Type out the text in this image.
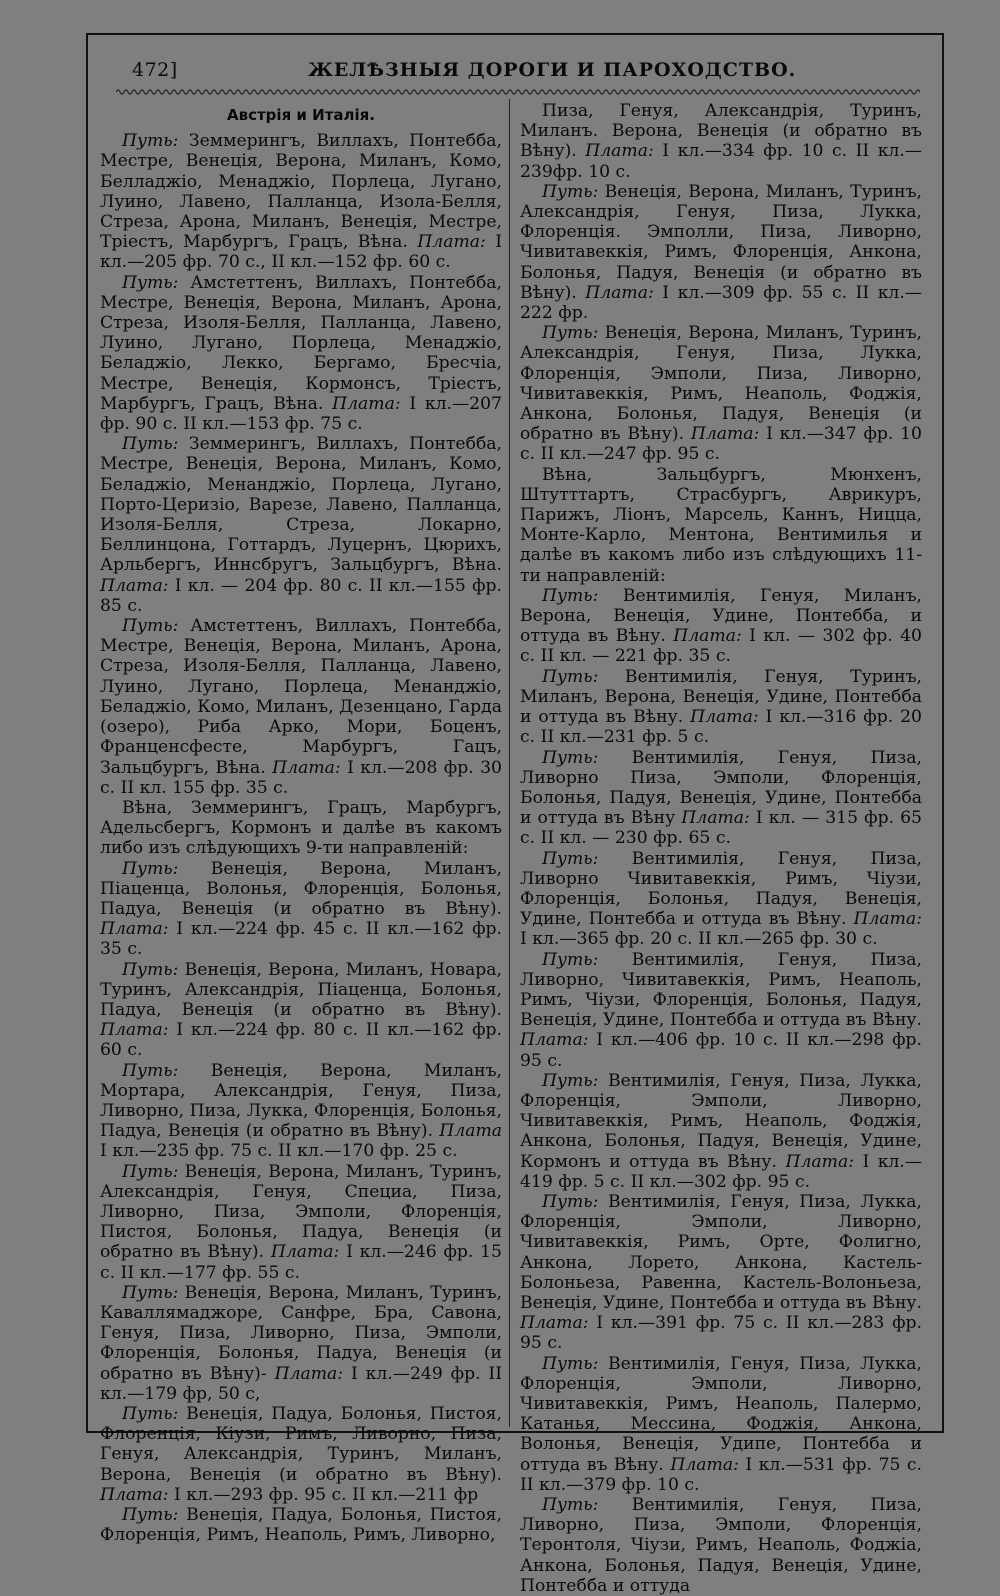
472]	ЖЕЛѢЗНЫЯ ДОРОГИ И ПАРОХОДСТВО.
Австрія и Италія.

Путь: Земмерингъ, Виллахъ, Понтебба, Местре, Венеція, Верона, Миланъ, Комо, Белладжіо, Менаджіо, Порлеца, Лугано, Луино, Лавено, Палланца, Изола-Белля, Стреза, Арона, Миланъ, Венеція, Местре, Тріестъ, Марбургъ, Грацъ, Вѣна. Плата: I кл.—205 фр. 70 с., II кл.—152 фр. 60 с.

Путь: Амстеттенъ, Виллахъ, Понтебба, Местре, Венеція, Верона, Миланъ, Арона, Стреза, Изоля-Белля, Палланца, Лавено, Луино, Лугано, Порлеца, Менаджіо, Беладжіо, Лекко, Бергамо, Бресчіа, Местре, Венеція, Кормонсъ, Тріестъ, Марбургъ, Грацъ, Вѣна. Плата: I кл.—207 фр. 90 с. II кл.—153 фр. 75 с.

Путь: Земмерингъ, Виллахъ, Понтебба, Местре, Венеція, Верона, Миланъ, Комо, Беладжіо, Менанджіо, Порлеца, Лугано, Порто-Церизіо, Варезе, Лавено, Палланца, Изоля-Белля, Стреза, Локарно, Беллинцона, Готтардъ, Луцернъ, Цюрихъ, Арльбергъ, Иннсбругъ, Зальцбургъ, Вѣна. Плата: I кл. — 204 фр. 80 с. II кл.—155 фр. 85 с.

Путь: Амстеттенъ, Виллахъ, Понтебба, Местре, Венеція, Верона, Миланъ, Арона, Стреза, Изоля-Белля, Палланца, Лавено, Луино, Лугано, Порлеца, Менанджіо, Беладжіо, Комо, Миланъ, Дезенцано, Гарда (озеро), Риба Арко, Мори, Боценъ, Франценсфесте, Марбургъ, Гацъ, Зальцбургъ, Вѣна. Плата: I кл.—208 фр. 30 с. II кл. 155 фр. 35 с.

Вѣна, Земмерингъ, Грацъ, Марбургъ, Адельсбергъ, Кормонъ и далѣе въ какомъ либо изъ слѣдующихъ 9-ти направленій:

Путь: Венеція, Верона, Миланъ, Піаценца, Волонья, Флоренція, Болонья, Падуа, Венеція (и обратно въ Вѣну). Плата: I кл.—224 фр. 45 с. II кл.—162 фр. 35 с.

Путь: Венеція, Верона, Миланъ, Новара, Туринъ, Александрія, Піаценца, Болонья, Падуа, Венеція (и обратно въ Вѣну). Плата: I кл.—224 фр. 80 с. II кл.—162 фр. 60 с.

Путь: Венеція, Верона, Миланъ, Мортара, Александрія, Генуя, Пиза, Ливорно, Пиза, Лукка, Флоренція, Болонья, Падуа, Венеція (и обратно въ Вѣну). Плата I кл.—235 фр. 75 с. II кл.—170 фр. 25 с.

Путь: Венеція, Верона, Миланъ, Туринъ, Александрія, Генуя, Специа, Пиза, Ливорно, Пиза, Эмполи, Флоренція, Пистоя, Болонья, Падуа, Венеція (и обратно въ Вѣну). Плата: I кл.—246 фр. 15 с. II кл.—177 фр. 55 с.

Путь: Венеція, Верона, Миланъ, Туринъ, Каваллямаджоре, Санфре, Бра, Савона, Генуя, Пиза, Ливорно, Пиза, Эмполи, Флоренція, Болонья, Падуа, Венеція (и обратно въ Вѣну)- Плата: I кл.—249 фр. II кл.—179 фр, 50 с,

Путь: Венеція, Падуа, Болонья, Пистоя, Флоренція, Кіузи, Римъ, Ливорно, Пиза, Генуя, Александрія, Туринъ, Миланъ, Верона, Венеція (и обратно въ Вѣну). Плата: I кл.—293 фр. 95 с. II кл.—211 фр

Путь: Венеція, Падуа, Болонья, Пистоя, Флоренція, Римъ, Неаполь, Римъ, Ливорно,

Пиза, Генуя, Александрія, Туринъ, Миланъ. Верона, Венеція (и обратно въ Вѣну). Плата: I кл.—334 фр. 10 с. II кл.—239фр. 10 с.

Путь: Венеція, Верона, Миланъ, Туринъ, Александрія, Генуя, Пиза, Лукка, Флоренція. Эмполли, Пиза, Ливорно, Чивитавеккія, Римъ, Флоренція, Анкона, Болонья, Падуя, Венеція (и обратно въ Вѣну). Плата: I кл.—309 фр. 55 с. II кл.—222 фр.

Путь: Венеція, Верона, Миланъ, Туринъ, Александрія, Генуя, Пиза, Лукка, Флоренція, Эмполи, Пиза, Ливорно, Чивитавеккія, Римъ, Неаполь, Фоджія, Анкона, Болонья, Падуя, Венеція (и обратно въ Вѣну). Плата: I кл.—347 фр. 10 с. II кл.—247 фр. 95 с.

Вѣна, Зальцбургъ, Мюнхенъ, Штутттартъ, Страсбургъ, Аврикуръ, Парижъ, Ліонъ, Марсель, Каннъ, Ницца, Монте-Карло, Ментона, Вентимилья и далѣе въ какомъ либо изъ слѣдующихъ 11-ти направленій:

Путь: Вентимилія, Генуя, Миланъ, Верона, Венеція, Удине, Понтебба, и оттуда въ Вѣну. Плата: I кл. — 302 фр. 40 с. II кл. — 221 фр. 35 с.

Путь: Вентимилія, Генуя, Туринъ, Миланъ, Верона, Венеція, Удине, Понтебба и оттуда въ Вѣну. Плата: I кл.—316 фр. 20 с. II кл.—231 фр. 5 с.

Путь: Вентимилія, Генуя, Пиза, Ливорно Пиза, Эмполи, Флоренція, Болонья, Падуя, Венеція, Удине, Понтебба и оттуда въ Вѣну Плата: I кл. — 315 фр. 65 с. II кл. — 230 фр. 65 с.

Путь: Вентимилія, Генуя, Пиза, Ливорно Чивитавеккія, Римъ, Чіузи, Флоренція, Болонья, Падуя, Венеція, Удине, Понтебба и оттуда въ Вѣну. Плата: I кл.—365 фр. 20 с. II кл.—265 фр. 30 с.

Путь: Вентимилія, Генуя, Пиза, Ливорно, Чивитавеккія, Римъ, Неаполь, Римъ, Чіузи, Флоренція, Болонья, Падуя, Венеція, Удине, Понтебба и оттуда въ Вѣну. Плата: I кл.—406 фр. 10 с. II кл.—298 фр. 95 с.

Путь: Вентимилія, Генуя, Пиза, Лукка, Флоренція, Эмполи, Ливорно, Чивитавеккія, Римъ, Неаполь, Фоджія, Анкона, Болонья, Падуя, Венеція, Удине, Кормонъ и оттуда въ Вѣну. Плата: I кл.—419 фр. 5 с. II кл.—302 фр. 95 с.

Путь: Вентимилія, Генуя, Пиза, Лукка, Флоренція, Эмполи, Ливорно, Чивитавеккія, Римъ, Орте, Фолигно, Анкона, Лорето, Анкона, Кастель-Болоньеза, Равенна, Кастель-Волоньеза, Венеція, Удине, Понтебба и оттуда въ Вѣну. Плата: I кл.—391 фр. 75 с. II кл.—283 фр. 95 с.

Путь: Вентимилія, Генуя, Пиза, Лукка, Флоренція, Эмполи, Ливорно, Чивитавеккія, Римъ, Неаполь, Палермо, Катанья, Мессина, Фоджія, Анкона, Волонья, Венеція, Удипе, Понтебба и оттуда въ Вѣну. Плата: I кл.—531 фр. 75 с. II кл.—379 фр. 10 с.

Путь: Вентимилія, Генуя, Пиза, Ливорно, Пиза, Эмполи, Флоренція, Теронтоля, Чіузи, Римъ, Неаполь, Фоджіа, Анкона, Болонья, Падуя, Венеція, Удине, Понтебба и оттуда
